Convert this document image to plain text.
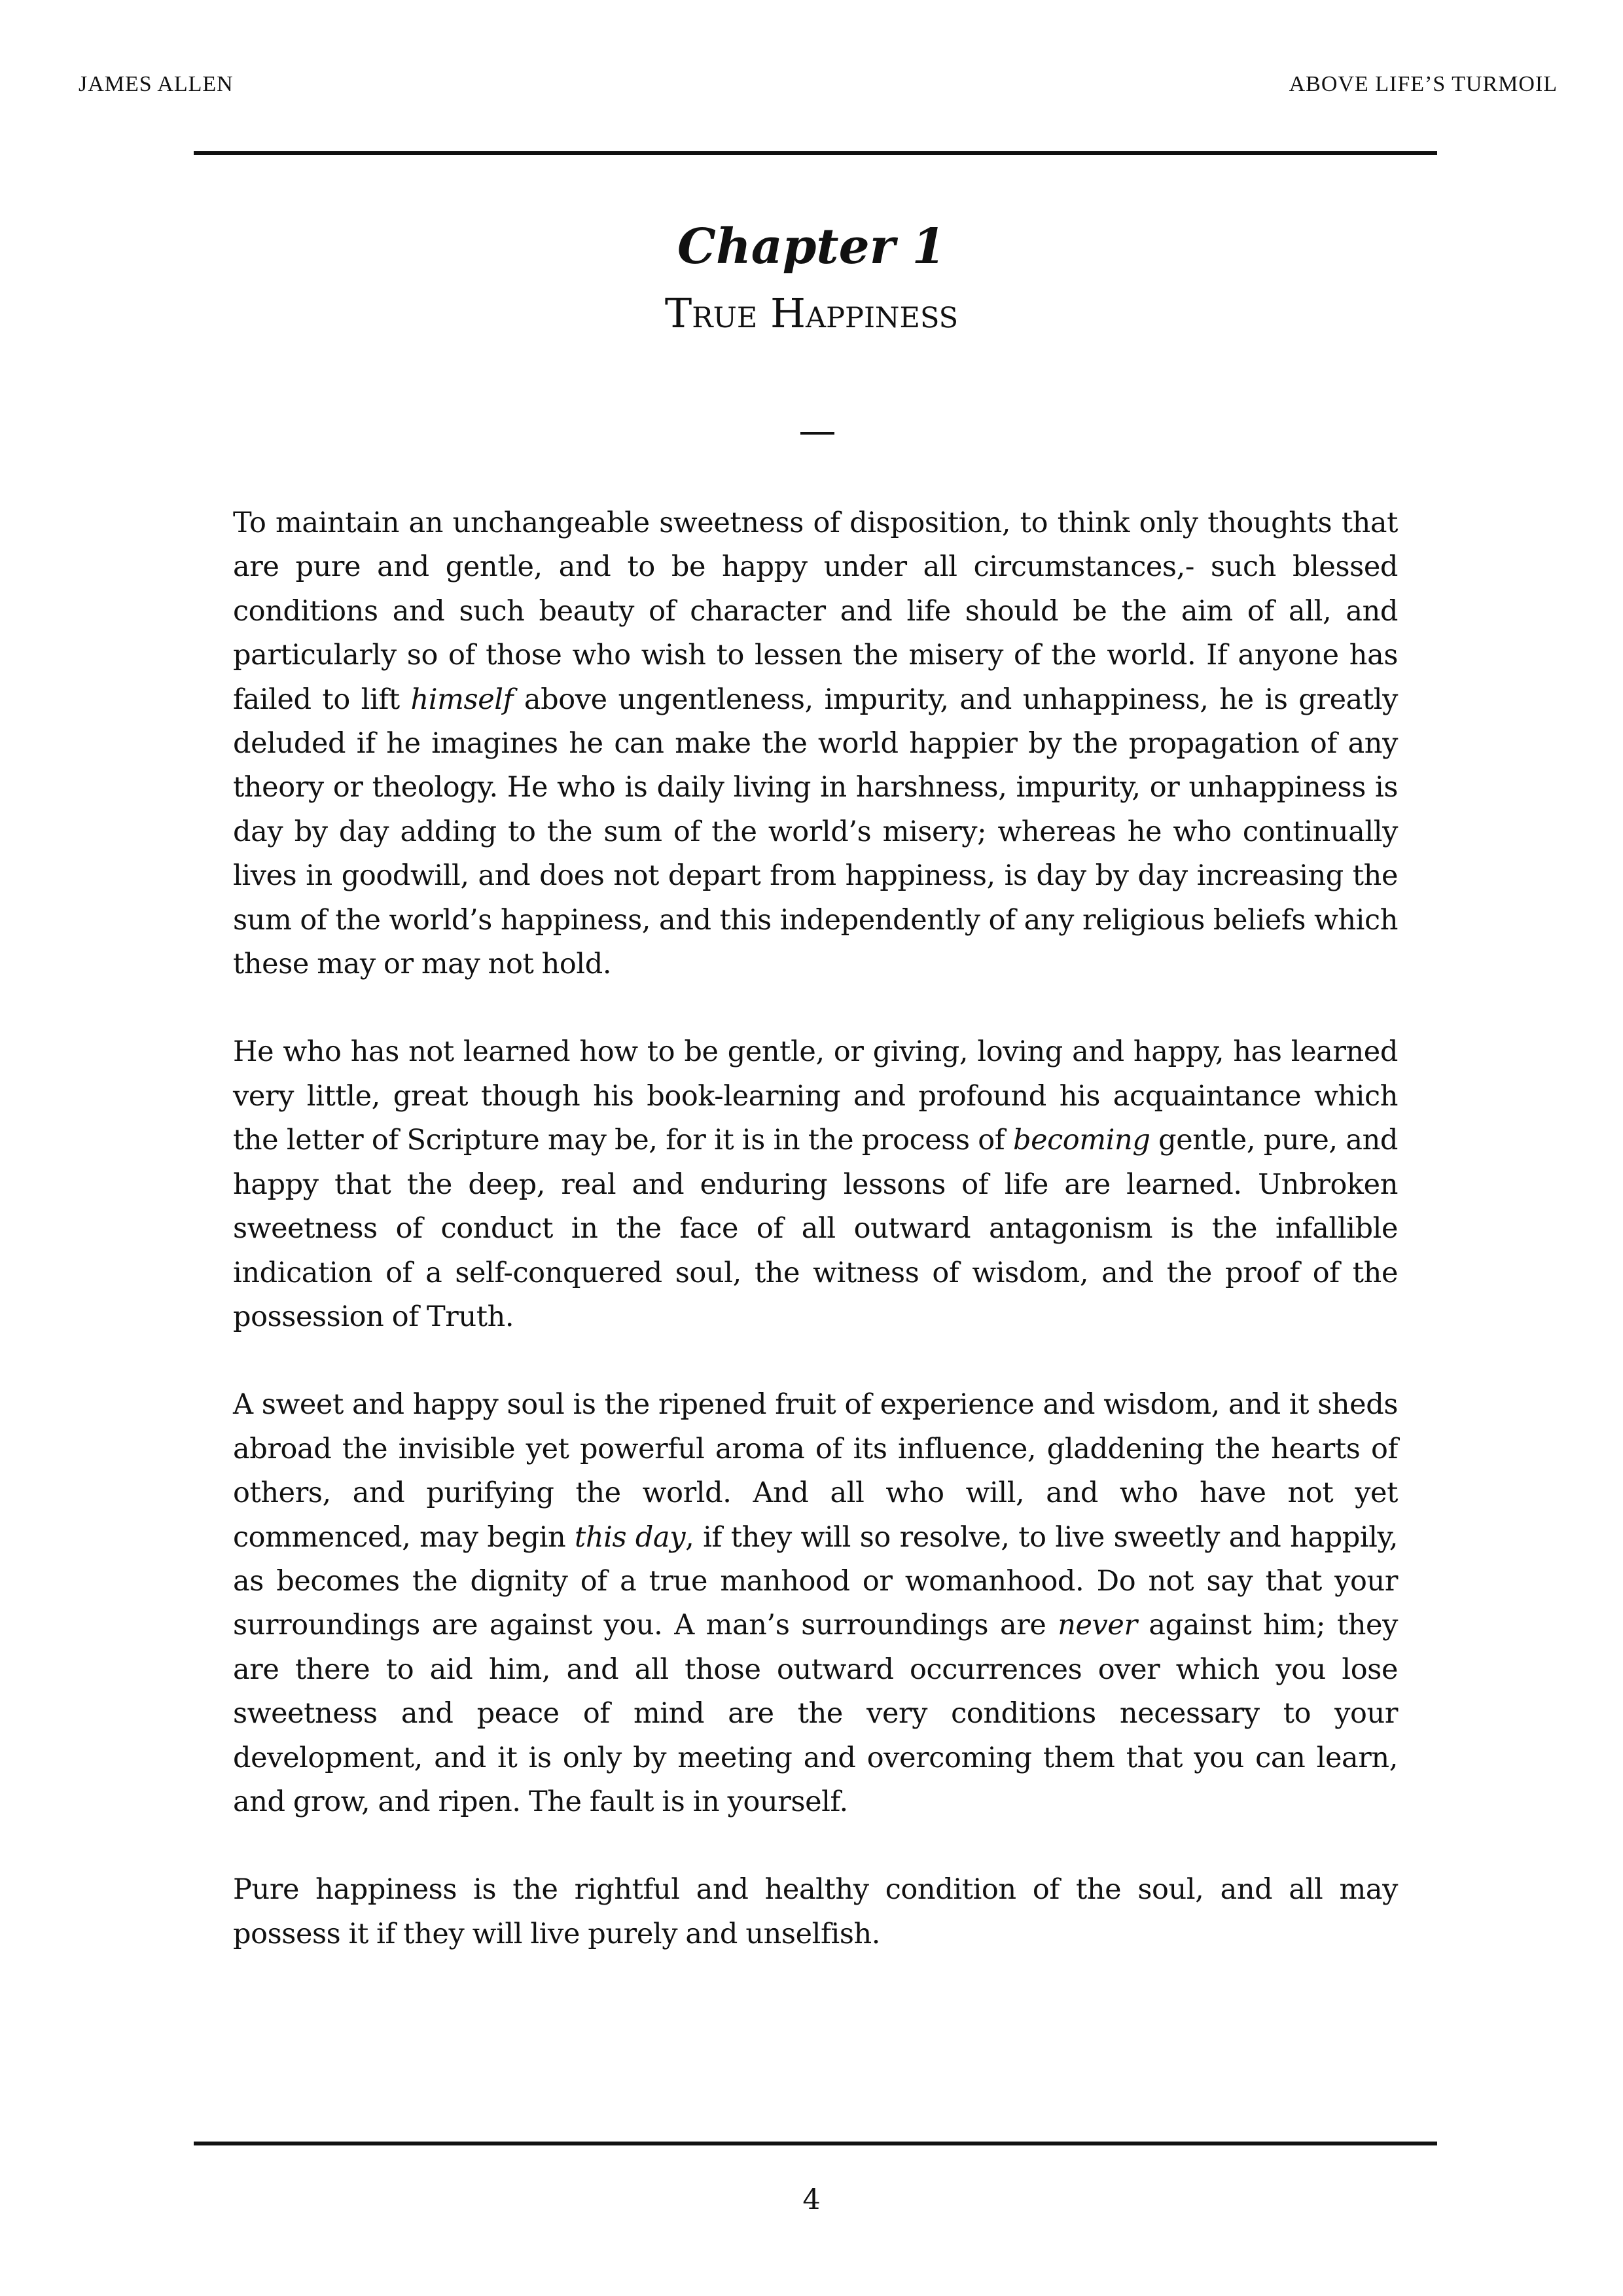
JAMES ALLEN	ABOVE LIFE’S TURMOIL
Chapter 1
True Happiness

To maintain an unchangeable sweetness of disposition, to think only thoughts that are pure and gentle, and to be happy under all circumstances,- such blessed conditions and such beauty of character and life should be the aim of all, and particularly so of those who wish to lessen the misery of the world. If anyone has failed to lift himself above ungentleness, impurity, and unhappiness, he is greatly deluded if he imagines he can make the world happier by the propagation of any theory or theology. He who is daily living in harshness, impurity, or unhappiness is day by day adding to the sum of the world’s misery; whereas he who continually lives in goodwill, and does not depart from happiness, is day by day increasing the sum of the world’s happiness, and this independently of any religious beliefs which these may or may not hold.

He who has not learned how to be gentle, or giving, loving and happy, has learned very little, great though his book-learning and profound his acquaintance which the letter of Scripture may be, for it is in the process of becoming gentle, pure, and happy that the deep, real and enduring lessons of life are learned. Unbroken sweetness of conduct in the face of all outward antagonism is the infallible indication of a self-conquered soul, the witness of wisdom, and the proof of the possession of Truth.

A sweet and happy soul is the ripened fruit of experience and wisdom, and it sheds abroad the invisible yet powerful aroma of its influence, gladdening the hearts of others, and purifying the world. And all who will, and who have not yet commenced, may begin this day, if they will so resolve, to live sweetly and happily, as becomes the dignity of a true manhood or womanhood. Do not say that your surroundings are against you. A man’s surroundings are never against him; they are there to aid him, and all those outward occurrences over which you lose sweetness and peace of mind are the very conditions necessary to your development, and it is only by meeting and overcoming them that you can learn, and grow, and ripen. The fault is in yourself.

Pure happiness is the rightful and healthy condition of the soul, and all may possess it if they will live purely and unselfish.

4
